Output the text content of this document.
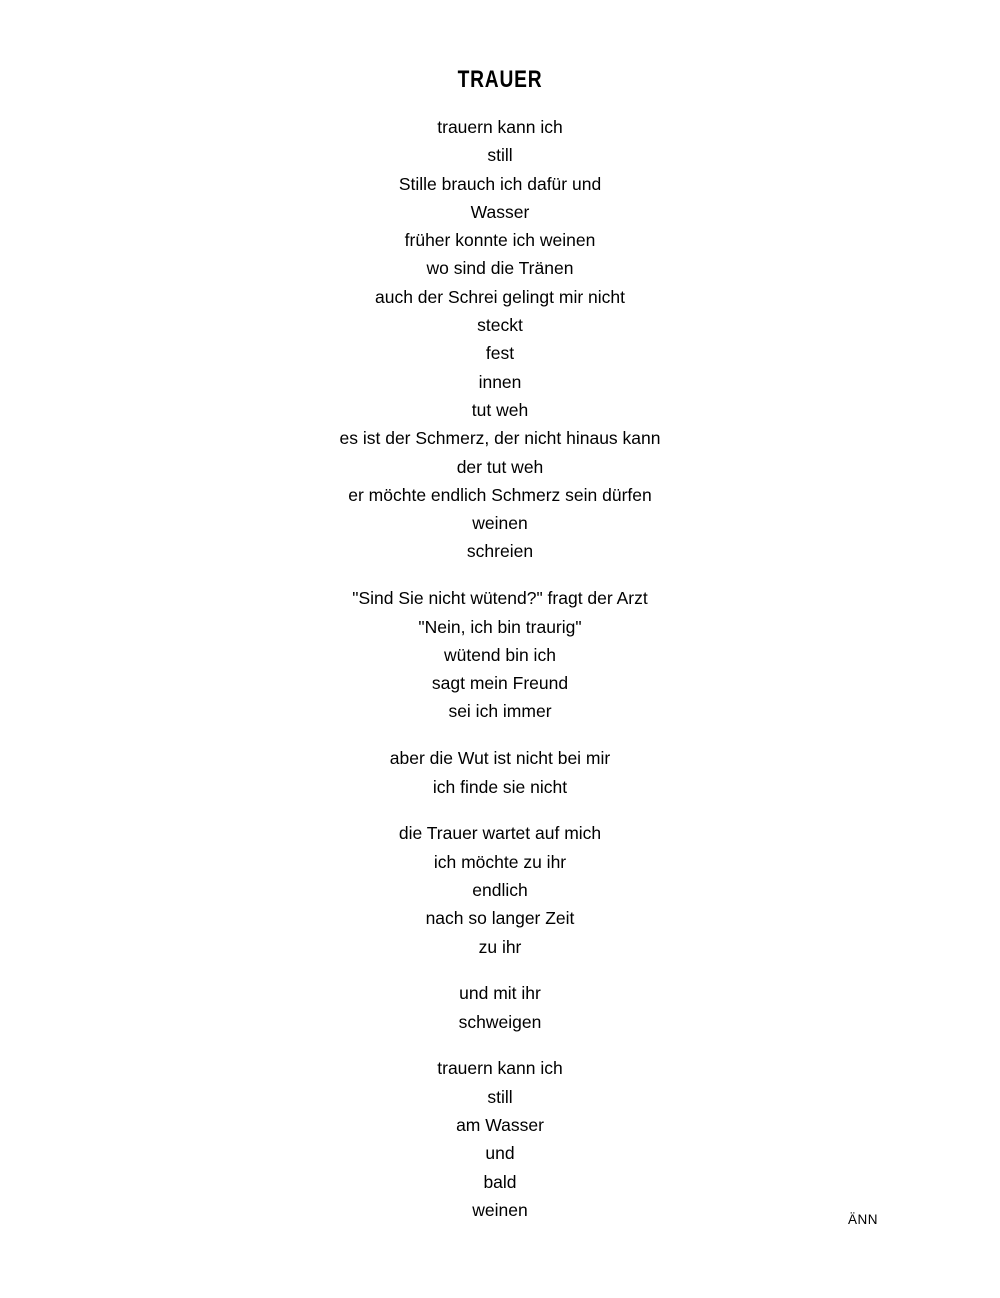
TRAUER
trauern kann ich
still
Stille brauch ich dafür und
Wasser
früher konnte ich weinen
wo sind die Tränen
auch der Schrei gelingt mir nicht
steckt
fest
innen
tut weh
es ist der Schmerz, der nicht hinaus kann
der tut weh
er möchte endlich Schmerz sein dürfen
weinen
schreien
"Sind Sie nicht wütend?" fragt der Arzt
"Nein, ich bin traurig"
wütend bin ich
sagt mein Freund
sei ich immer
aber die Wut ist nicht bei mir
ich finde sie nicht
die Trauer wartet auf mich
ich möchte zu ihr
endlich
nach so langer Zeit
zu ihr
und mit ihr
schweigen
trauern kann ich
still
am Wasser
und
bald
weinen	ÄNN
